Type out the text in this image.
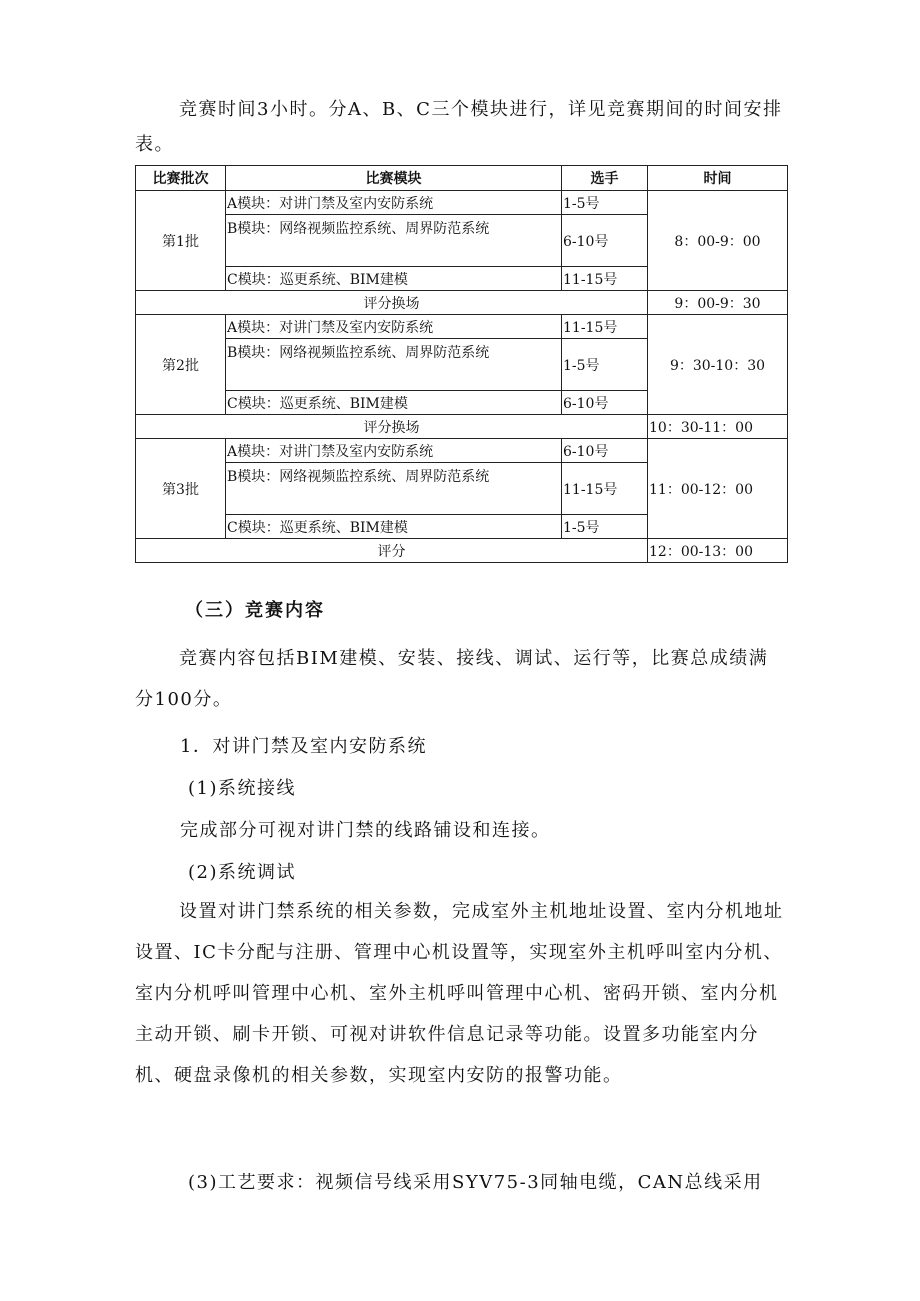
竞赛时间3小时。分A、B、C三个模块进行，详见竞赛期间的时间安排表。

比赛批次	比赛模块	选手	时间
第1批	A模块：对讲门禁及室内安防系统	1-5号	8：00-9：00
	B模块：网络视频监控系统、周界防范系统	6-10号	
	C模块：巡更系统、BIM建模	11-15号	
评分换场			9：00-9：30
第2批	A模块：对讲门禁及室内安防系统	11-15号	9：30-10：30
	B模块：网络视频监控系统、周界防范系统	1-5号	
	C模块：巡更系统、BIM建模	6-10号	
评分换场			10：30-11：00
第3批	A模块：对讲门禁及室内安防系统	6-10号	11：00-12：00
	B模块：网络视频监控系统、周界防范系统	11-15号	
	C模块：巡更系统、BIM建模	1-5号	
评分			12：00-13：00

（三）竞赛内容

竞赛内容包括BIM建模、安装、接线、调试、运行等，比赛总成绩满分100分。

1．对讲门禁及室内安防系统

(1)系统接线

完成部分可视对讲门禁的线路铺设和连接。

(2)系统调试

设置对讲门禁系统的相关参数，完成室外主机地址设置、室内分机地址设置、IC卡分配与注册、管理中心机设置等，实现室外主机呼叫室内分机、室内分机呼叫管理中心机、室外主机呼叫管理中心机、密码开锁、室内分机主动开锁、刷卡开锁、可视对讲软件信息记录等功能。设置多功能室内分机、硬盘录像机的相关参数，实现室内安防的报警功能。

(3)工艺要求：视频信号线采用SYV75-3同轴电缆，CAN总线采用
